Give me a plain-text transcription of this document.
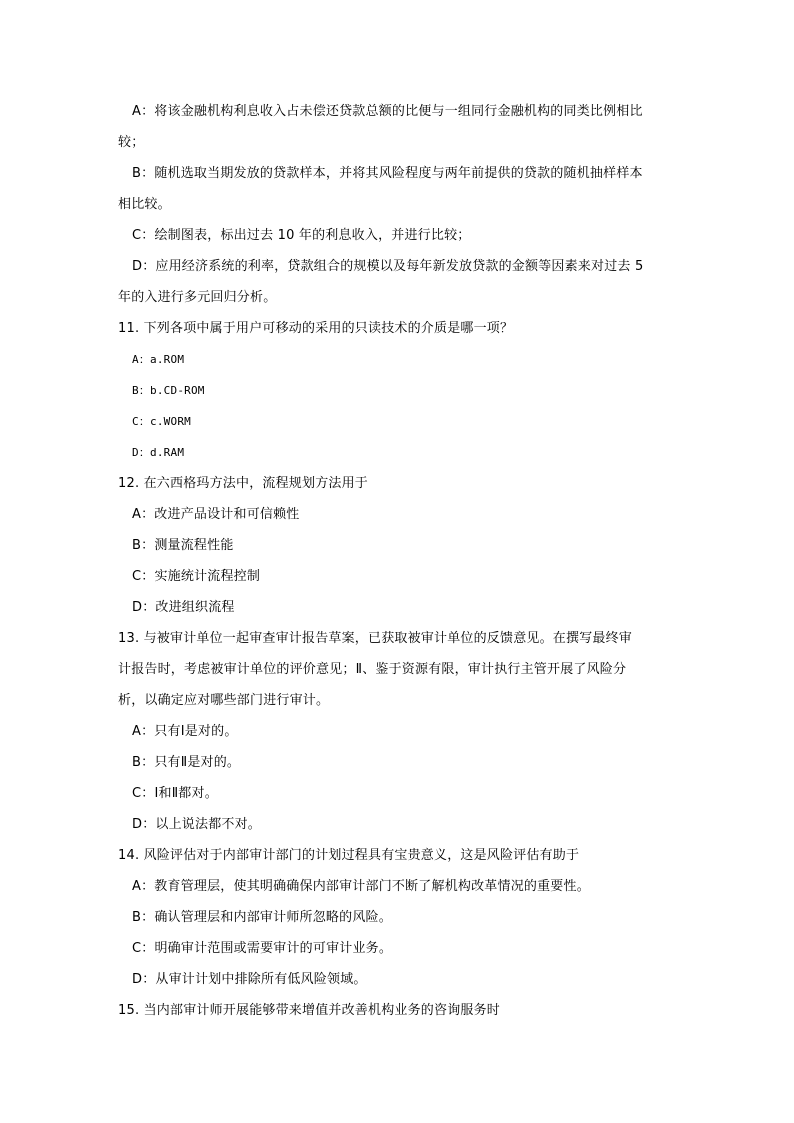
A：将该金融机构利息收入占未偿还贷款总额的比便与一组同行金融机构的同类比例相比
较；
B：随机选取当期发放的贷款样本，并将其风险程度与两年前提供的贷款的随机抽样样本
相比较。
C：绘制图表，标出过去 10 年的利息收入，并进行比较；
D：应用经济系统的利率，贷款组合的规模以及每年新发放贷款的金额等因素来对过去 5
年的入进行多元回归分析。
11. 下列各项中属于用户可移动的采用的只读技术的介质是哪一项？
A：a.ROM
B：b.CD-ROM
C：c.WORM
D：d.RAM
12. 在六西格玛方法中，流程规划方法用于
A：改进产品设计和可信赖性
B：测量流程性能
C：实施统计流程控制
D：改进组织流程
13. 与被审计单位一起审查审计报告草案，已获取被审计单位的反馈意见。在撰写最终审
计报告时，考虑被审计单位的评价意见；Ⅱ、鉴于资源有限，审计执行主管开展了风险分
析，以确定应对哪些部门进行审计。
A：只有Ⅰ是对的。
B：只有Ⅱ是对的。
C：Ⅰ和Ⅱ都对。
D：以上说法都不对。
14. 风险评估对于内部审计部门的计划过程具有宝贵意义，这是风险评估有助于
A：教育管理层，使其明确确保内部审计部门不断了解机构改革情况的重要性。
B：确认管理层和内部审计师所忽略的风险。
C：明确审计范围或需要审计的可审计业务。
D：从审计计划中排除所有低风险领域。
15. 当内部审计师开展能够带来增值并改善机构业务的咨询服务时
